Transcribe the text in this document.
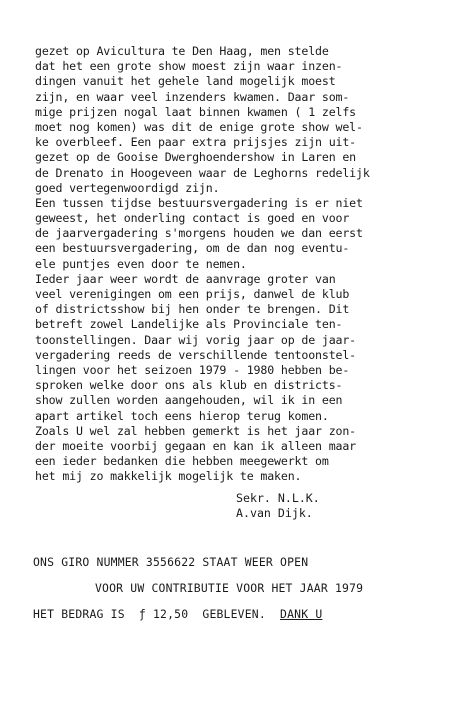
gezet op Avicultura te Den Haag, men stelde
dat het een grote show moest zijn waar inzen-
dingen vanuit het gehele land mogelijk moest
zijn, en waar veel inzenders kwamen. Daar som-
mige prijzen nogal laat binnen kwamen ( 1 zelfs
moet nog komen) was dit de enige grote show wel-
ke overbleef. Een paar extra prijsjes zijn uit-
gezet op de Gooise Dwerghoendershow in Laren en
de Drenato in Hoogeveen waar de Leghorns redelijk
goed vertegenwoordigd zijn.
Een tussen tijdse bestuursvergadering is er niet
geweest, het onderling contact is goed en voor
de jaarvergadering s'morgens houden we dan eerst
een bestuursvergadering, om de dan nog eventu-
ele puntjes even door te nemen.
Ieder jaar weer wordt de aanvrage groter van
veel verenigingen om een prijs, danwel de klub
of districtsshow bij hen onder te brengen. Dit
betreft zowel Landelijke als Provinciale ten-
toonstellingen. Daar wij vorig jaar op de jaar-
vergadering reeds de verschillende tentoonstel-
lingen voor het seizoen 1979 - 1980 hebben be-
sproken welke door ons als klub en districts-
show zullen worden aangehouden, wil ik in een
apart artikel toch eens hierop terug komen.
Zoals U wel zal hebben gemerkt is het jaar zon-
der moeite voorbij gegaan en kan ik alleen maar
een ieder bedanken die hebben meegewerkt om
het mij zo makkelijk mogelijk te maken.
Sekr. N.L.K.
A.van Dijk.
ONS GIRO NUMMER 3556622 STAAT WEER OPEN
VOOR UW CONTRIBUTIE VOOR HET JAAR 1979
HET BEDRAG IS  ƒ 12,50  GEBLEVEN.  DANK U
